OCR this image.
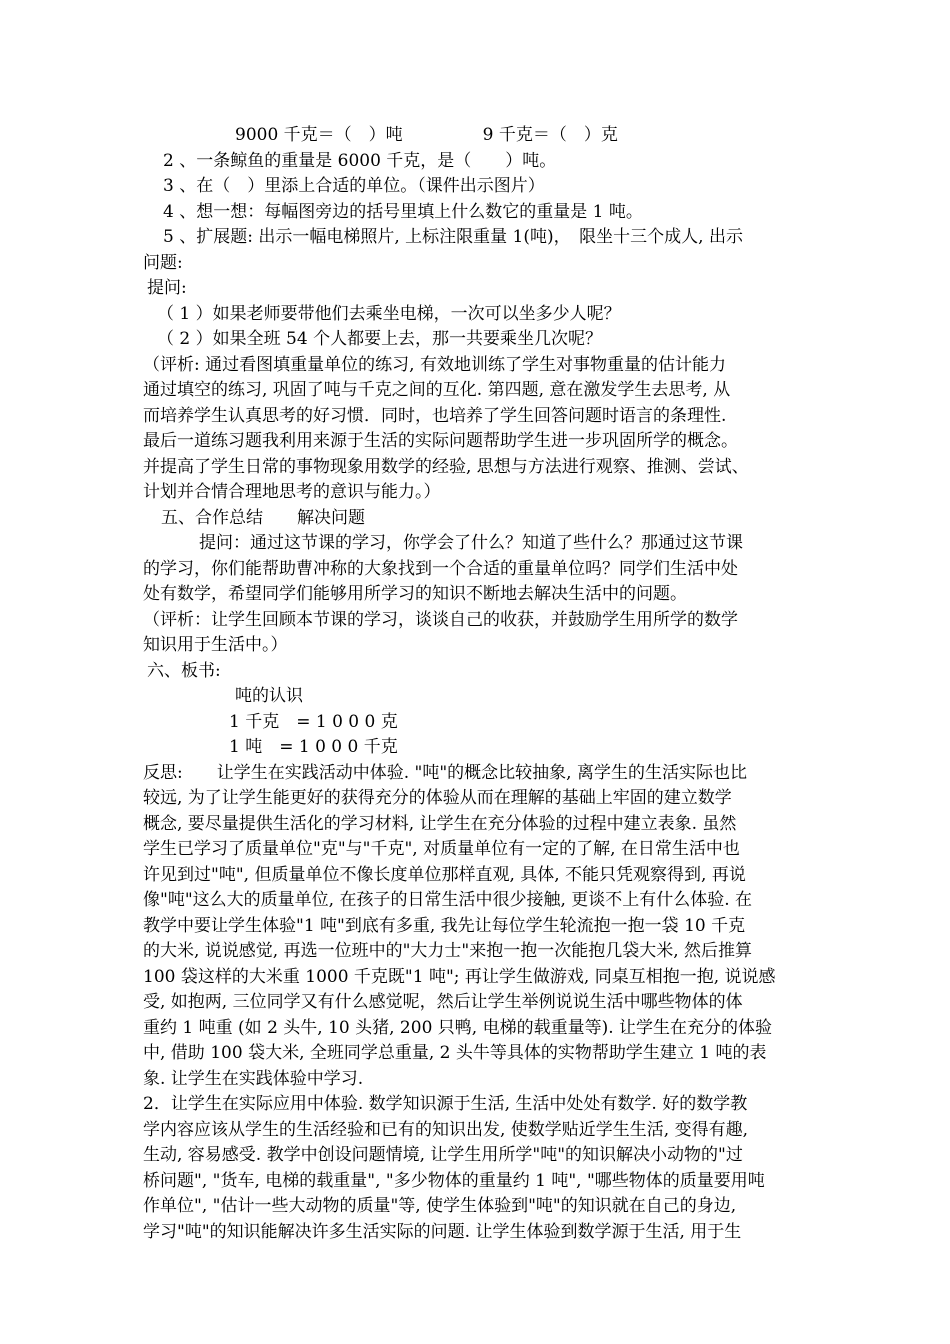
9000 千克＝（　）吨	9 千克＝（　）克
2 、一条鲸鱼的重量是 6000 千克，是（　　）吨。
3 、在（　）里添上合适的单位。（课件出示图片）
4 、想一想：每幅图旁边的括号里填上什么数它的重量是 1 吨。
5 、扩展题: 出示一幅电梯照片, 上标注限重量 1(吨)，　限坐十三个成人, 出示
问题:
提问:
（ 1 ）如果老师要带他们去乘坐电梯，一次可以坐多少人呢？
（ 2 ）如果全班 54 个人都要上去，那一共要乘坐几次呢？
（评析: 通过看图填重量单位的练习, 有效地训练了学生对事物重量的估计能力
通过填空的练习, 巩固了吨与千克之间的互化. 第四题, 意在激发学生去思考, 从
而培养学生认真思考的好习惯．同时，也培养了学生回答问题时语言的条理性.
最后一道练习题我利用来源于生活的实际问题帮助学生进一步巩固所学的概念。
并提高了学生日常的事物现象用数学的经验, 思想与方法进行观察、推测、尝试、
计划并合情合理地思考的意识与能力。）
五、合作总结　　解决问题
提问：通过这节课的学习，你学会了什么？知道了些什么？那通过这节课
的学习，你们能帮助曹冲称的大象找到一个合适的重量单位吗？同学们生活中处
处有数学，希望同学们能够用所学习的知识不断地去解决生活中的问题。
（评析：让学生回顾本节课的学习，谈谈自己的收获，并鼓励学生用所学的数学
知识用于生活中。）
六、板书:
吨的认识
1 千克　= 1 0 0 0 克
1 吨　= 1 0 0 0 千克
反思:　　让学生在实践活动中体验. "吨"的概念比较抽象, 离学生的生活实际也比
较远, 为了让学生能更好的获得充分的体验从而在理解的基础上牢固的建立数学
概念, 要尽量提供生活化的学习材料, 让学生在充分体验的过程中建立表象. 虽然
学生已学习了质量单位"克"与"千克", 对质量单位有一定的了解, 在日常生活中也
许见到过"吨", 但质量单位不像长度单位那样直观, 具体, 不能只凭观察得到, 再说
像"吨"这么大的质量单位, 在孩子的日常生活中很少接触, 更谈不上有什么体验. 在
教学中要让学生体验"1 吨"到底有多重, 我先让每位学生轮流抱一抱一袋 10 千克
的大米, 说说感觉, 再选一位班中的"大力士"来抱一抱一次能抱几袋大米, 然后推算
100 袋这样的大米重 1000 千克既"1 吨"; 再让学生做游戏, 同桌互相抱一抱, 说说感
受, 如抱两, 三位同学又有什么感觉呢，然后让学生举例说说生活中哪些物体的体
重约 1 吨重 (如 2 头牛, 10 头猪, 200 只鸭, 电梯的载重量等). 让学生在充分的体验
中, 借助 100 袋大米, 全班同学总重量, 2 头牛等具体的实物帮助学生建立 1 吨的表
象. 让学生在实践体验中学习.
2．让学生在实际应用中体验. 数学知识源于生活, 生活中处处有数学. 好的数学教
学内容应该从学生的生活经验和已有的知识出发, 使数学贴近学生生活, 变得有趣,
生动, 容易感受. 教学中创设问题情境, 让学生用所学"吨"的知识解决小动物的"过
桥问题", "货车, 电梯的载重量", "多少物体的重量约 1 吨", "哪些物体的质量要用吨
作单位", "估计一些大动物的质量"等, 使学生体验到"吨"的知识就在自己的身边,
学习"吨"的知识能解决许多生活实际的问题. 让学生体验到数学源于生活, 用于生
